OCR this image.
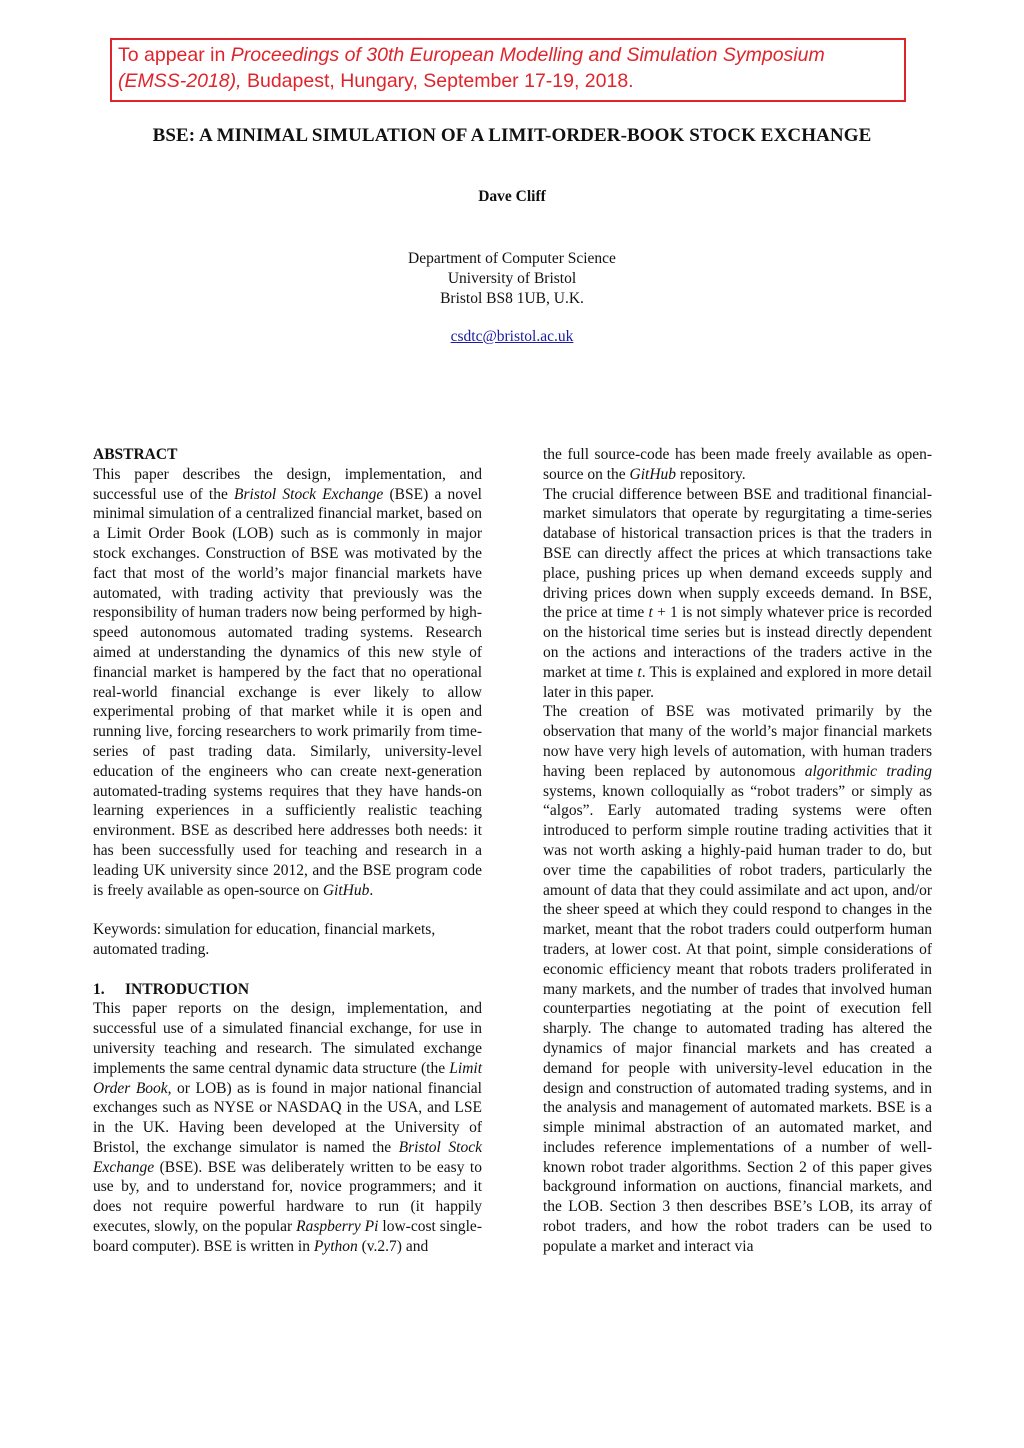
To appear in Proceedings of 30th European Modelling and Simulation Symposium (EMSS-2018), Budapest, Hungary, September 17-19, 2018.
BSE: A MINIMAL SIMULATION OF A LIMIT-ORDER-BOOK STOCK EXCHANGE
Dave Cliff
Department of Computer Science
University of Bristol
Bristol BS8 1UB, U.K.
csdtc@bristol.ac.uk

ABSTRACT

This paper describes the design, implementation, and successful use of the Bristol Stock Exchange (BSE) a novel minimal simulation of a centralized financial market, based on a Limit Order Book (LOB) such as is commonly in major stock exchanges. Construction of BSE was motivated by the fact that most of the world’s major financial markets have automated, with trading activity that previously was the responsibility of human traders now being performed by high-speed autonomous automated trading systems. Research aimed at understanding the dynamics of this new style of financial market is hampered by the fact that no operational real-world financial exchange is ever likely to allow experimental probing of that market while it is open and running live, forcing researchers to work primarily from time-series of past trading data. Similarly, university-level education of the engineers who can create next-generation automated-trading systems requires that they have hands-on learning experiences in a sufficiently realistic teaching environment. BSE as described here addresses both needs: it has been successfully used for teaching and research in a leading UK university since 2012, and the BSE program code is freely available as open-source on GitHub.

Keywords: simulation for education, financial markets,
automated trading.

1. INTRODUCTION

This paper reports on the design, implementation, and successful use of a simulated financial exchange, for use in university teaching and research. The simulated exchange implements the same central dynamic data structure (the Limit Order Book, or LOB) as is found in major national financial exchanges such as NYSE or NASDAQ in the USA, and LSE in the UK. Having been developed at the University of Bristol, the exchange simulator is named the Bristol Stock Exchange (BSE). BSE was deliberately written to be easy to use by, and to understand for, novice programmers; and it does not require powerful hardware to run (it happily executes, slowly, on the popular Raspberry Pi low-cost single-board computer). BSE is written in Python (v.2.7) and

the full source-code has been made freely available as open-source on the GitHub repository.

The crucial difference between BSE and traditional financial-market simulators that operate by regurgitating a time-series database of historical transaction prices is that the traders in BSE can directly affect the prices at which transactions take place, pushing prices up when demand exceeds supply and driving prices down when supply exceeds demand. In BSE, the price at time t + 1 is not simply whatever price is recorded on the historical time series but is instead directly dependent on the actions and interactions of the traders active in the market at time t. This is explained and explored in more detail later in this paper.

The creation of BSE was motivated primarily by the observation that many of the world’s major financial markets now have very high levels of automation, with human traders having been replaced by autonomous algorithmic trading systems, known colloquially as “robot traders” or simply as “algos”. Early automated trading systems were often introduced to perform simple routine trading activities that it was not worth asking a highly-paid human trader to do, but over time the capabilities of robot traders, particularly the amount of data that they could assimilate and act upon, and/or the sheer speed at which they could respond to changes in the market, meant that the robot traders could outperform human traders, at lower cost. At that point, simple considerations of economic efficiency meant that robots traders proliferated in many markets, and the number of trades that involved human counterparties negotiating at the point of execution fell sharply. The change to automated trading has altered the dynamics of major financial markets and has created a demand for people with university-level education in the design and construction of automated trading systems, and in the analysis and management of automated markets. BSE is a simple minimal abstraction of an automated market, and includes reference implementations of a number of well-known robot trader algorithms. Section 2 of this paper gives background information on auctions, financial markets, and the LOB. Section 3 then describes BSE’s LOB, its array of robot traders, and how the robot traders can be used to populate a market and interact via
